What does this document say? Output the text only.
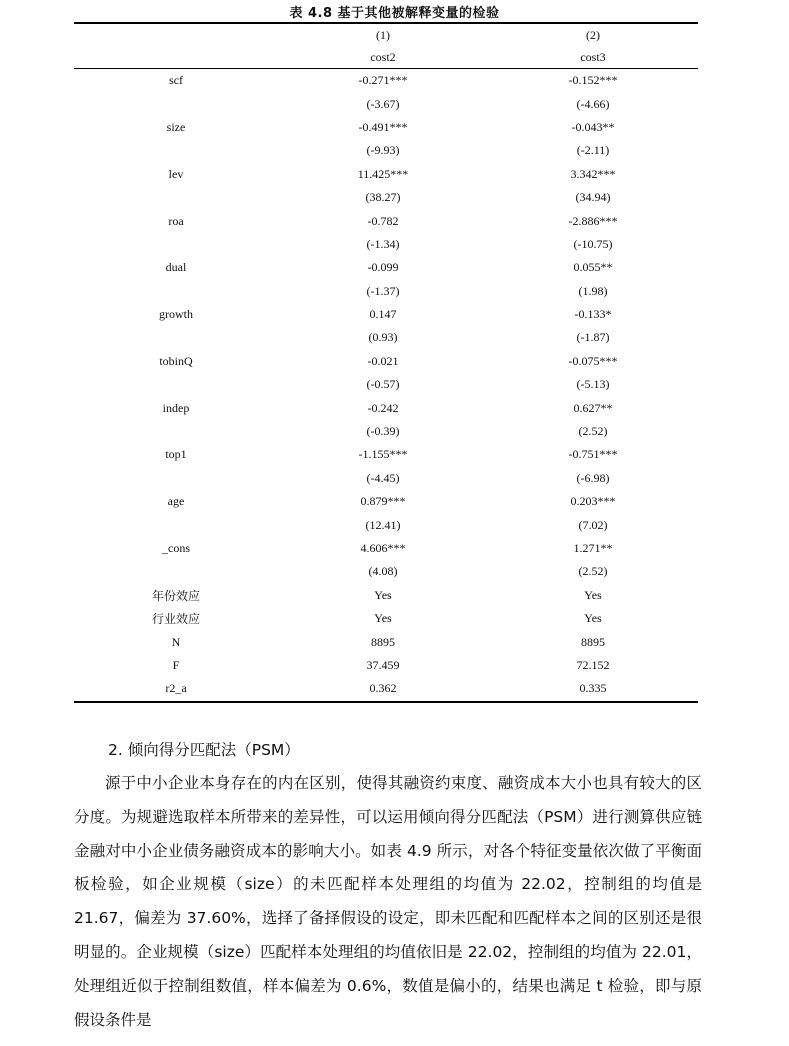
表 4.8 基于其他被解释变量的检验
	(1)	(2)
	cost2	cost3
scf	-0.271***	-0.152***
	(-3.67)	(-4.66)
size	-0.491***	-0.043**
	(-9.93)	(-2.11)
lev	11.425***	3.342***
	(38.27)	(34.94)
roa	-0.782	-2.886***
	(-1.34)	(-10.75)
dual	-0.099	0.055**
	(-1.37)	(1.98)
growth	0.147	-0.133*
	(0.93)	(-1.87)
tobinQ	-0.021	-0.075***
	(-0.57)	(-5.13)
indep	-0.242	0.627**
	(-0.39)	(2.52)
top1	-1.155***	-0.751***
	(-4.45)	(-6.98)
age	0.879***	0.203***
	(12.41)	(7.02)
_cons	4.606***	1.271**
	(4.08)	(2.52)
年份效应	Yes	Yes
行业效应	Yes	Yes
N	8895	8895
F	37.459	72.152
r2_a	0.362	0.335
2. 倾向得分匹配法（PSM）

源于中小企业本身存在的内在区别，使得其融资约束度、融资成本大小也具有较大的区分度。为规避选取样本所带来的差异性，可以运用倾向得分匹配法（PSM）进行测算供应链金融对中小企业债务融资成本的影响大小。如表 4.9 所示，对各个特征变量依次做了平衡面板检验，如企业规模（size）的未匹配样本处理组的均值为 22.02，控制组的均值是 21.67，偏差为 37.60%，选择了备择假设的设定，即未匹配和匹配样本之间的区别还是很明显的。企业规模（size）匹配样本处理组的均值依旧是 22.02，控制组的均值为 22.01，处理组近似于控制组数值，样本偏差为 0.6%，数值是偏小的，结果也满足 t 检验，即与原假设条件是
